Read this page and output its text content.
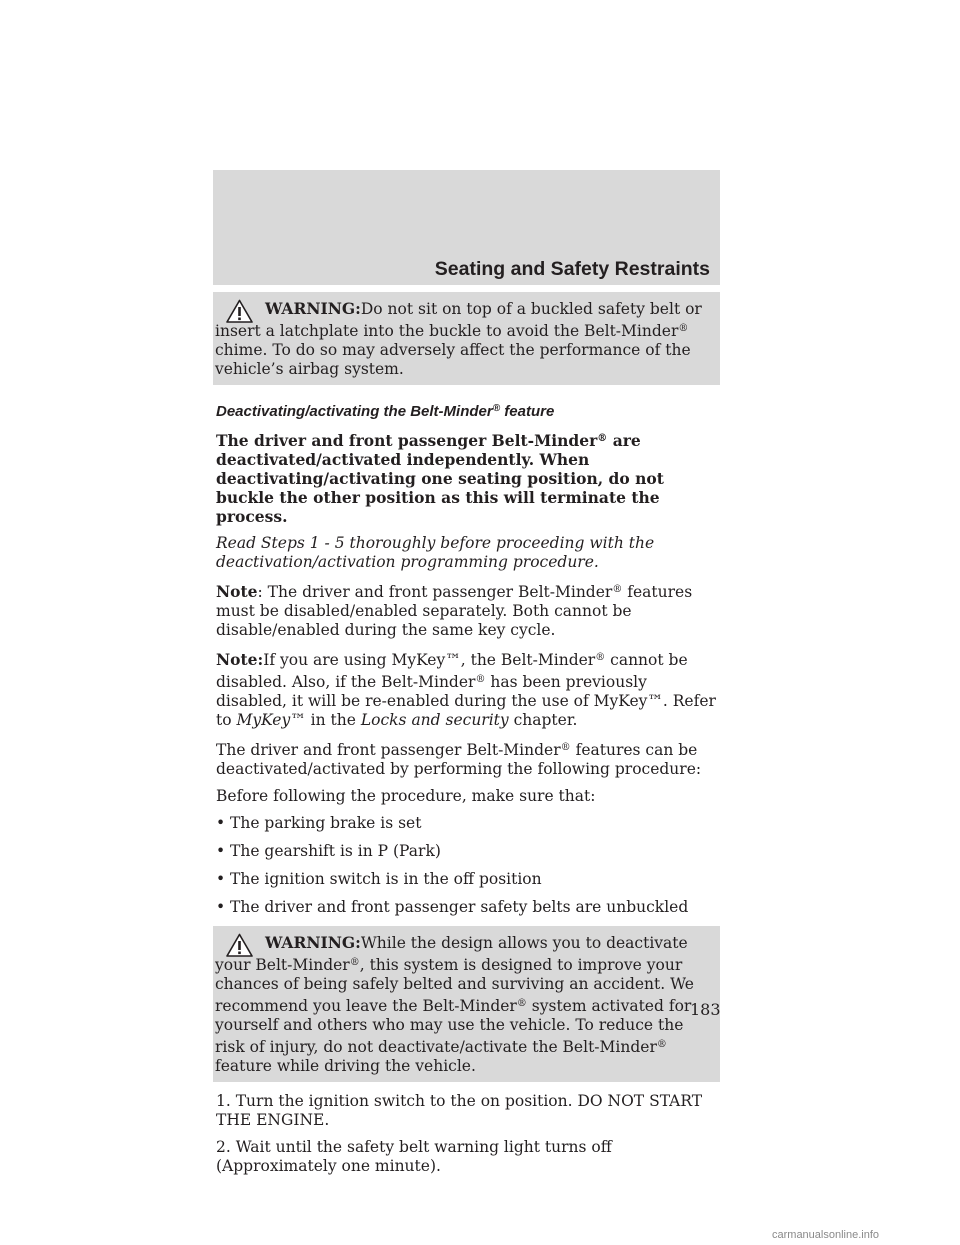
Seating and Safety Restraints

WARNING:Do not sit on top of a buckled safety belt or insert a latchplate into the buckle to avoid the Belt-Minder® chime. To do so may adversely affect the performance of the vehicle’s airbag system.

Deactivating/activating the Belt-Minder® feature

The driver and front passenger Belt-Minder® are deactivated/activated independently. When deactivating/activating one seating position, do not buckle the other position as this will terminate the process.

Read Steps 1 - 5 thoroughly before proceeding with the deactivation/activation programming procedure.

Note: The driver and front passenger Belt-Minder® features must be disabled/enabled separately. Both cannot be disable/enabled during the same key cycle.

Note:If you are using MyKey™, the Belt-Minder® cannot be disabled. Also, if the Belt-Minder® has been previously disabled, it will be re-enabled during the use of MyKey™. Refer to MyKey™ in the Locks and security chapter.

The driver and front passenger Belt-Minder® features can be deactivated/activated by performing the following procedure:

Before following the procedure, make sure that:

• The parking brake is set
• The gearshift is in P (Park)
• The ignition switch is in the off position
• The driver and front passenger safety belts are unbuckled

WARNING:While the design allows you to deactivate your Belt-Minder®, this system is designed to improve your chances of being safely belted and surviving an accident. We recommend you leave the Belt-Minder® system activated for yourself and others who may use the vehicle. To reduce the risk of injury, do not deactivate/activate the Belt-Minder® feature while driving the vehicle.

1. Turn the ignition switch to the on position. DO NOT START THE ENGINE.

2. Wait until the safety belt warning light turns off (Approximately one minute).

183
carmanualsonline.info
